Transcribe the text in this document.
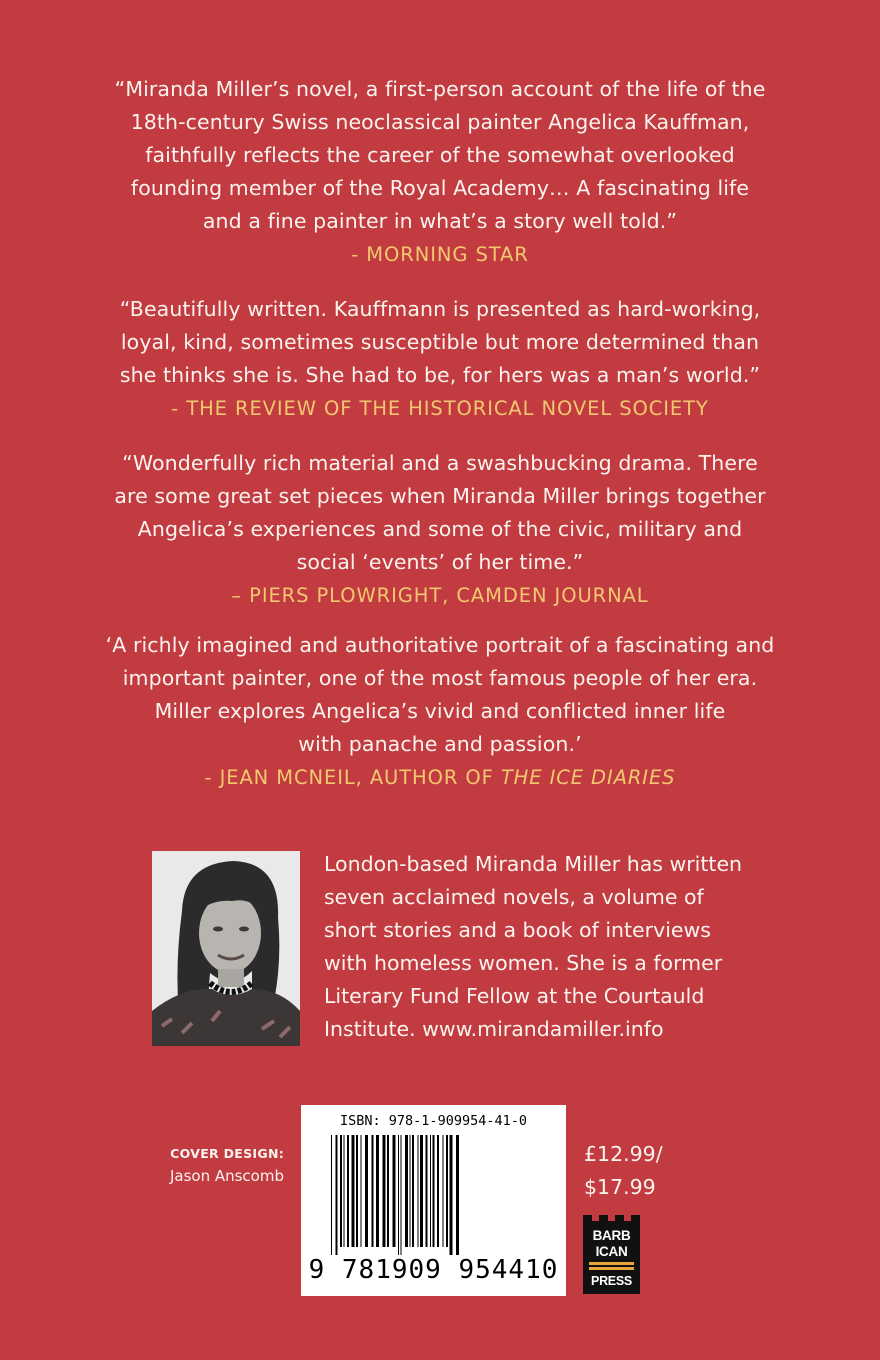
“Miranda Miller’s novel, a first-person account of the life of the
18th-century Swiss neoclassical painter Angelica Kauffman,
faithfully reflects the career of the somewhat overlooked
founding member of the Royal Academy… A fascinating life
and a fine painter in what’s a story well told.”
- MORNING STAR
“Beautifully written. Kauffmann is presented as hard-working,
loyal, kind, sometimes susceptible but more determined than
she thinks she is. She had to be, for hers was a man’s world.”
- THE REVIEW OF THE HISTORICAL NOVEL SOCIETY
“Wonderfully rich material and a swashbucking drama. There
are some great set pieces when Miranda Miller brings together
Angelica’s experiences and some of the civic, military and
social ‘events’ of her time.”
– PIERS PLOWRIGHT, CAMDEN JOURNAL
‘A richly imagined and authoritative portrait of a fascinating and
important painter, one of the most famous people of her era.
Miller explores Angelica’s vivid and conflicted inner life
with panache and passion.’
- JEAN MCNEIL, AUTHOR OF THE ICE DIARIES
London-based Miranda Miller has written
seven acclaimed novels, a volume of
short stories and a book of interviews
with homeless women. She is a former
Literary Fund Fellow at the Courtauld
Institute. www.mirandamiller.info
COVER DESIGN:
Jason Anscomb
ISBN: 978-1-909954-41-0
9 781909 954410
£12.99/
$17.99
BARB
ICAN
PRESS
